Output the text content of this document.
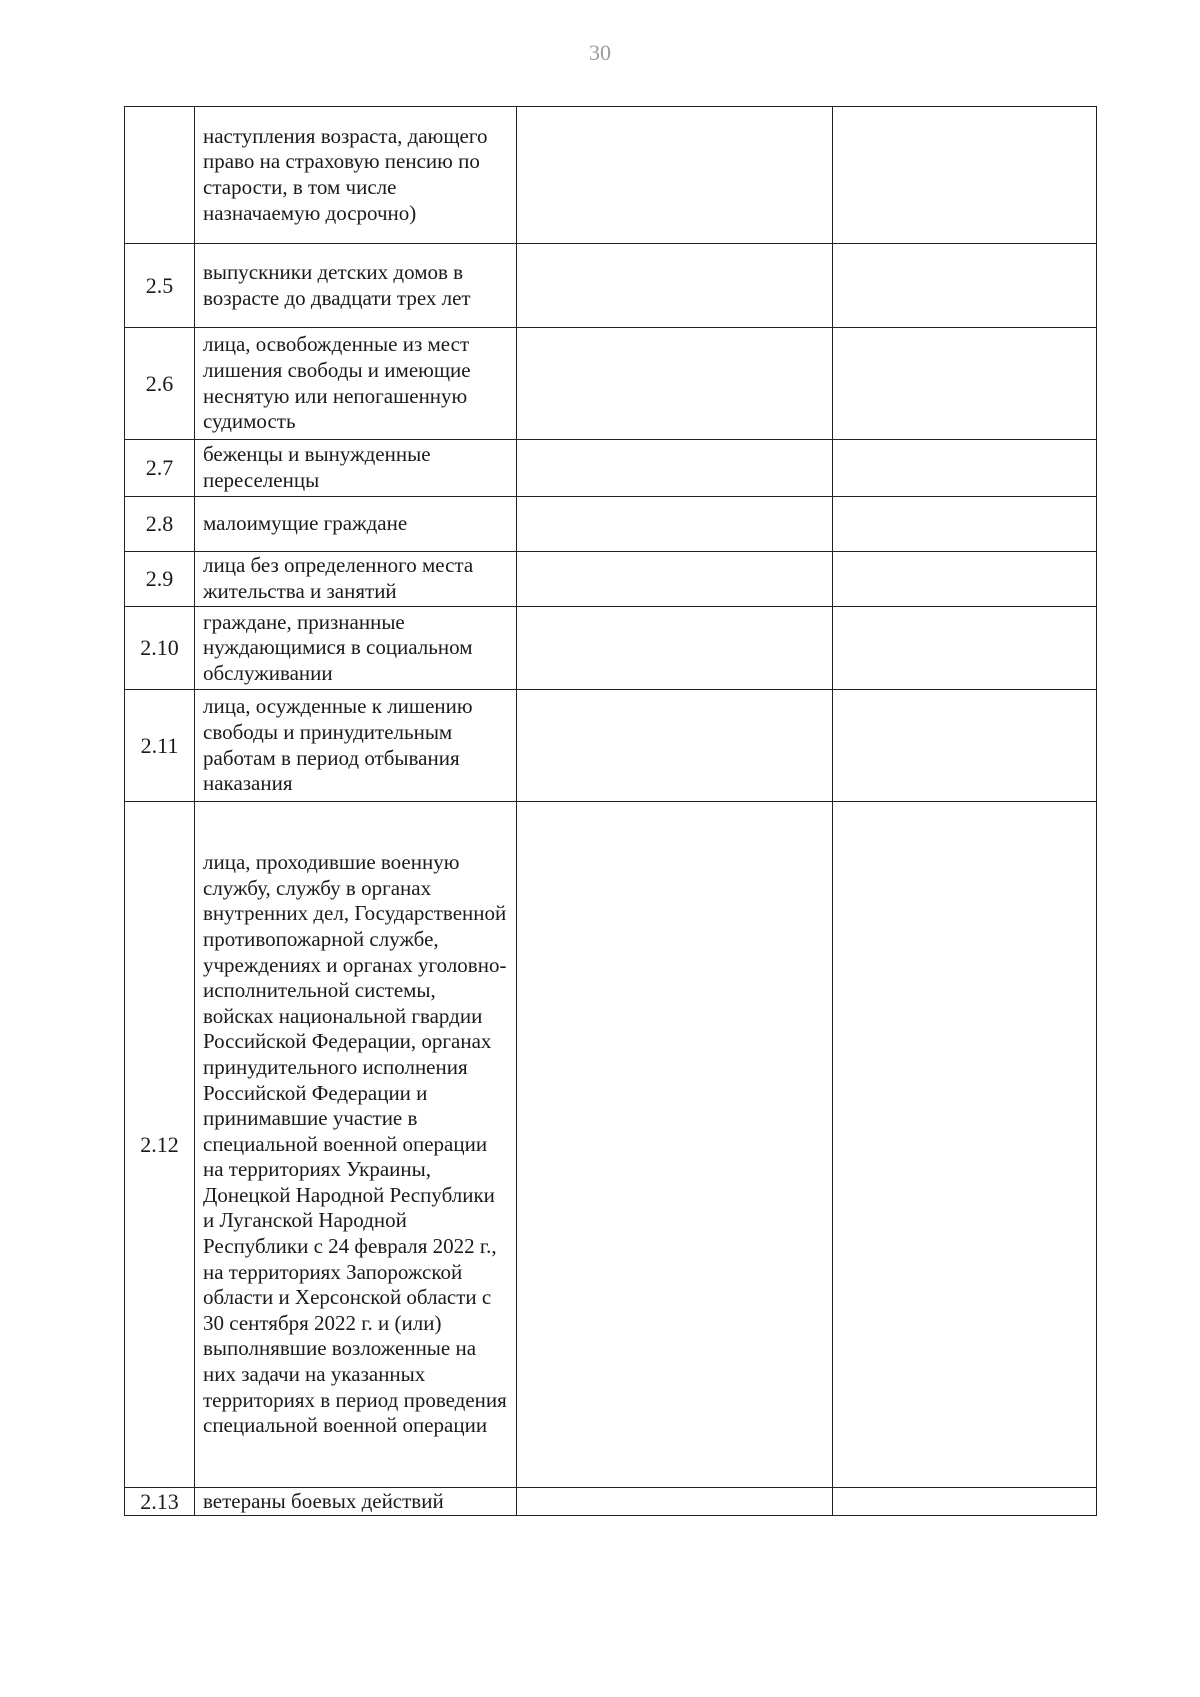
30
	наступления возраста, дающего право на страховую пенсию по старости, в том числе назначаемую досрочно)		
2.5	выпускники детских домов в возрасте до двадцати трех лет		
2.6	лица, освобожденные из мест лишения свободы и имеющие неснятую или непогашенную судимость		
2.7	беженцы и вынужденные переселенцы		
2.8	малоимущие граждане		
2.9	лица без определенного места жительства и занятий		
2.10	граждане, признанные нуждающимися в социальном обслуживании		
2.11	лица, осужденные к лишению свободы и принудительным работам в период отбывания наказания		
2.12	лица, проходившие военную службу, службу в органах внутренних дел, Государственной противопожарной службе, учреждениях и органах уголовно-исполнительной системы, войсках национальной гвардии Российской Федерации, органах принудительного исполнения Российской Федерации и принимавшие участие в специальной военной операции на территориях Украины, Донецкой Народной Республики и Луганской Народной Республики с 24 февраля 2022 г., на территориях Запорожской области и Херсонской области с 30 сентября 2022 г. и (или) выполнявшие возложенные на них задачи на указанных территориях в период проведения специальной военной операции		
2.13	ветераны боевых действий		
